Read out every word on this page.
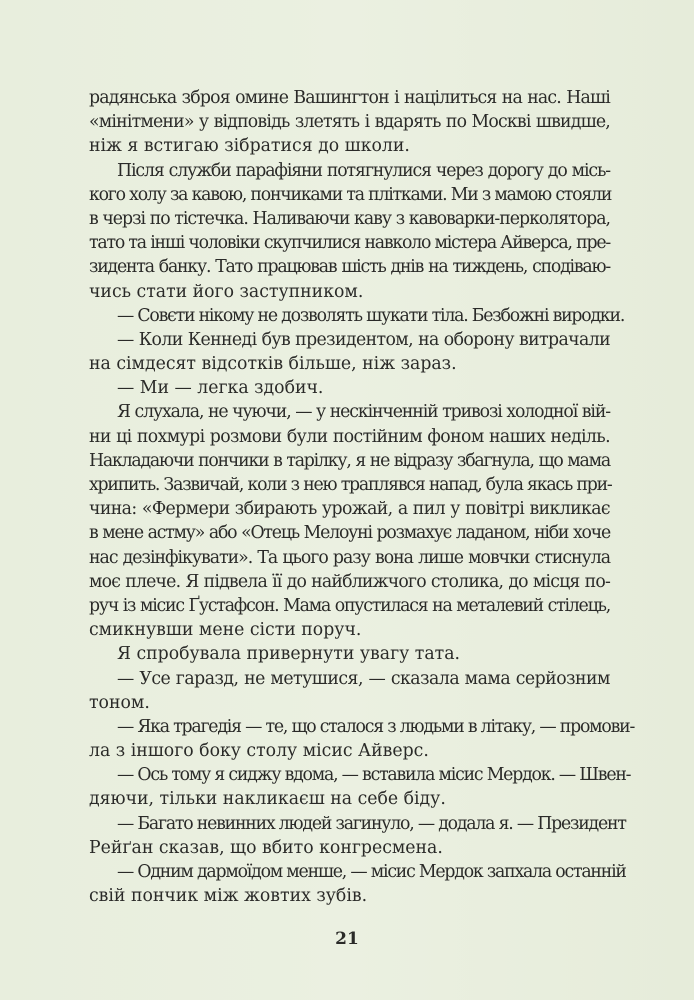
радянська зброя омине Вашингтон і націлиться на нас. Наші
«мінітмени» у відповідь злетять і вдарять по Москві швидше,
ніж я встигаю зібратися до школи.
Після служби парафіяни потягнулися через дорогу до місь-
кого холу за кавою, пончиками та плітками. Ми з мамою стояли
в черзі по тістечка. Наливаючи каву з кавоварки-перколятора,
тато та інші чоловіки скупчилися навколо містера Айверса, пре-
зидента банку. Тато працював шість днів на тиждень, сподіваю-
чись стати його заступником.
— Совєти нікому не дозволять шукати тіла. Безбожні виродки.
— Коли Кеннеді був президентом, на оборону витрачали
на сімдесят відсотків більше, ніж зараз.
— Ми — легка здобич.
Я слухала, не чуючи, — у нескінченній тривозі холодної вій-
ни ці похмурі розмови були постійним фоном наших неділь.
Накладаючи пончики в тарілку, я не відразу збагнула, що мама
хрипить. Зазвичай, коли з нею траплявся напад, була якась при-
чина: «Фермери збирають урожай, а пил у повітрі викликає
в мене астму» або «Отець Мелоуні розмахує ладаном, ніби хоче
нас дезінфікувати». Та цього разу вона лише мовчки стиснула
моє плече. Я підвела її до найближчого столика, до місця по-
руч із місис Ґустафсон. Мама опустилася на металевий стілець,
смикнувши мене сісти поруч.
Я спробувала привернути увагу тата.
— Усе гаразд, не метушися, — сказала мама серйозним
тоном.
— Яка трагедія — те, що сталося з людьми в літаку, — промови-
ла з іншого боку столу місис Айверс.
— Ось тому я сиджу вдома, — вставила місис Мердок. — Швен-
дяючи, тільки накликаєш на себе біду.
— Багато невинних людей загинуло, — додала я. — Президент
Рейґан сказав, що вбито конгресмена.
— Одним дармоїдом менше, — місис Мердок запхала останній
свій пончик між жовтих зубів.
21
